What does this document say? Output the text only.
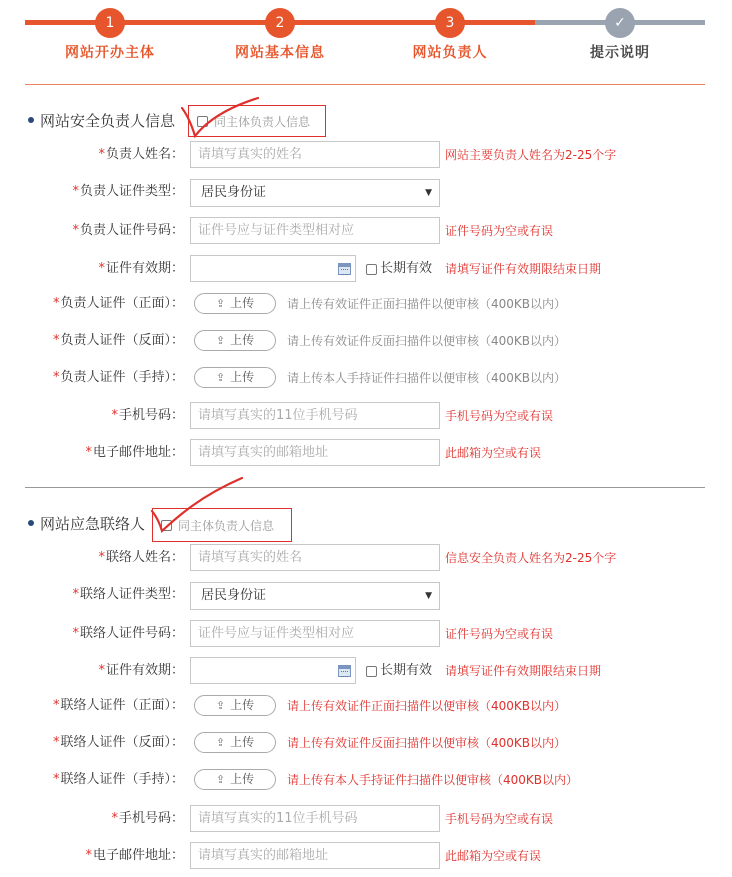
1
网站开办主体
2
网站基本信息
3
网站负责人
✓
提示说明
网站安全负责人信息	同主体负责人信息
*负责人姓名：	请填写真实的姓名	网站主要负责人姓名为2-25个字
*负责人证件类型：	居民身份证	▼
*负责人证件号码：	证件号应与证件类型相对应	证件号码为空或有误
*证件有效期：	长期有效 请填写证件有效期限结束日期
*负责人证件（正面）：	⇪ 上传	请上传有效证件正面扫描件以便审核（400KB以内）
*负责人证件（反面）：	⇪ 上传	请上传有效证件反面扫描件以便审核（400KB以内）
*负责人证件（手持）：	⇪ 上传	请上传本人手持证件扫描件以便审核（400KB以内）
*手机号码：	请填写真实的11位手机号码	手机号码为空或有误
*电子邮件地址：	请填写真实的邮箱地址	此邮箱为空或有误
网站应急联络人	同主体负责人信息
*联络人姓名：	请填写真实的姓名	信息安全负责人姓名为2-25个字
*联络人证件类型：	居民身份证	▼
*联络人证件号码：	证件号应与证件类型相对应	证件号码为空或有误
*证件有效期：	长期有效 请填写证件有效期限结束日期
*联络人证件（正面）：	⇪ 上传	请上传有效证件正面扫描件以便审核（400KB以内）
*联络人证件（反面）：	⇪ 上传	请上传有效证件反面扫描件以便审核（400KB以内）
*联络人证件（手持）：	⇪ 上传	请上传有本人手持证件扫描件以便审核（400KB以内）
*手机号码：	请填写真实的11位手机号码	手机号码为空或有误
*电子邮件地址：	请填写真实的邮箱地址	此邮箱为空或有误
